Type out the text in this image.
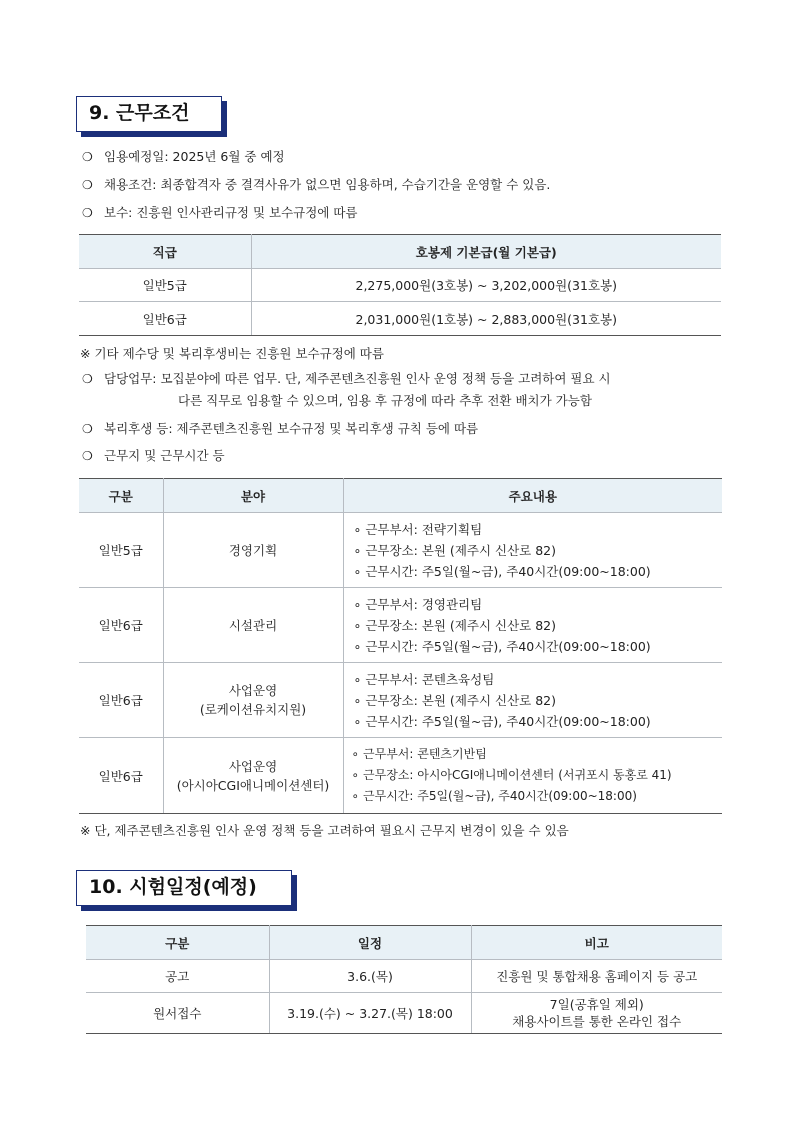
9. 근무조건
❍ 임용예정일: 2025년 6월 중 예정
❍ 채용조건: 최종합격자 중 결격사유가 없으면 임용하며, 수습기간을 운영할 수 있음.
❍ 보수: 진흥원 인사관리규정 및 보수규정에 따름
직급	호봉제 기본급(월 기본급)
일반5급	2,275,000원(3호봉) ~ 3,202,000원(31호봉)
일반6급	2,031,000원(1호봉) ~ 2,883,000원(31호봉)
※ 기타 제수당 및 복리후생비는 진흥원 보수규정에 따름
❍ 담당업무: 모집분야에 따른 업무. 단, 제주콘텐츠진흥원 인사 운영 정책 등을 고려하여 필요 시
다른 직무로 임용할 수 있으며, 임용 후 규정에 따라 추후 전환 배치가 가능함
❍ 복리후생 등: 제주콘텐츠진흥원 보수규정 및 복리후생 규칙 등에 따름
❍ 근무지 및 근무시간 등
구분	분야	주요내용
일반5급	경영기획	∘ 근무부서: 전략기획팀
∘ 근무장소: 본원 (제주시 신산로 82)
∘ 근무시간: 주5일(월~금), 주40시간(09:00~18:00)

일반6급	시설관리	∘ 근무부서: 경영관리팀
∘ 근무장소: 본원 (제주시 신산로 82)
∘ 근무시간: 주5일(월~금), 주40시간(09:00~18:00)

일반6급	사업운영
(로케이션유치지원)	∘ 근무부서: 콘텐츠육성팀
∘ 근무장소: 본원 (제주시 신산로 82)
∘ 근무시간: 주5일(월~금), 주40시간(09:00~18:00)

일반6급	사업운영
(아시아CGI애니메이션센터)	∘ 근무부서: 콘텐츠기반팀
∘ 근무장소: 아시아CGI애니메이션센터 (서귀포시 동홍로 41)
∘ 근무시간: 주5일(월~금), 주40시간(09:00~18:00)
※ 단, 제주콘텐츠진흥원 인사 운영 정책 등을 고려하여 필요시 근무지 변경이 있을 수 있음
10. 시험일정(예정)
구분	일정	비고
공고	3.6.(목)	진흥원 및 통합채용 홈페이지 등 공고
원서접수	3.19.(수) ~ 3.27.(목) 18:00	7일(공휴일 제외)
채용사이트를 통한 온라인 접수
